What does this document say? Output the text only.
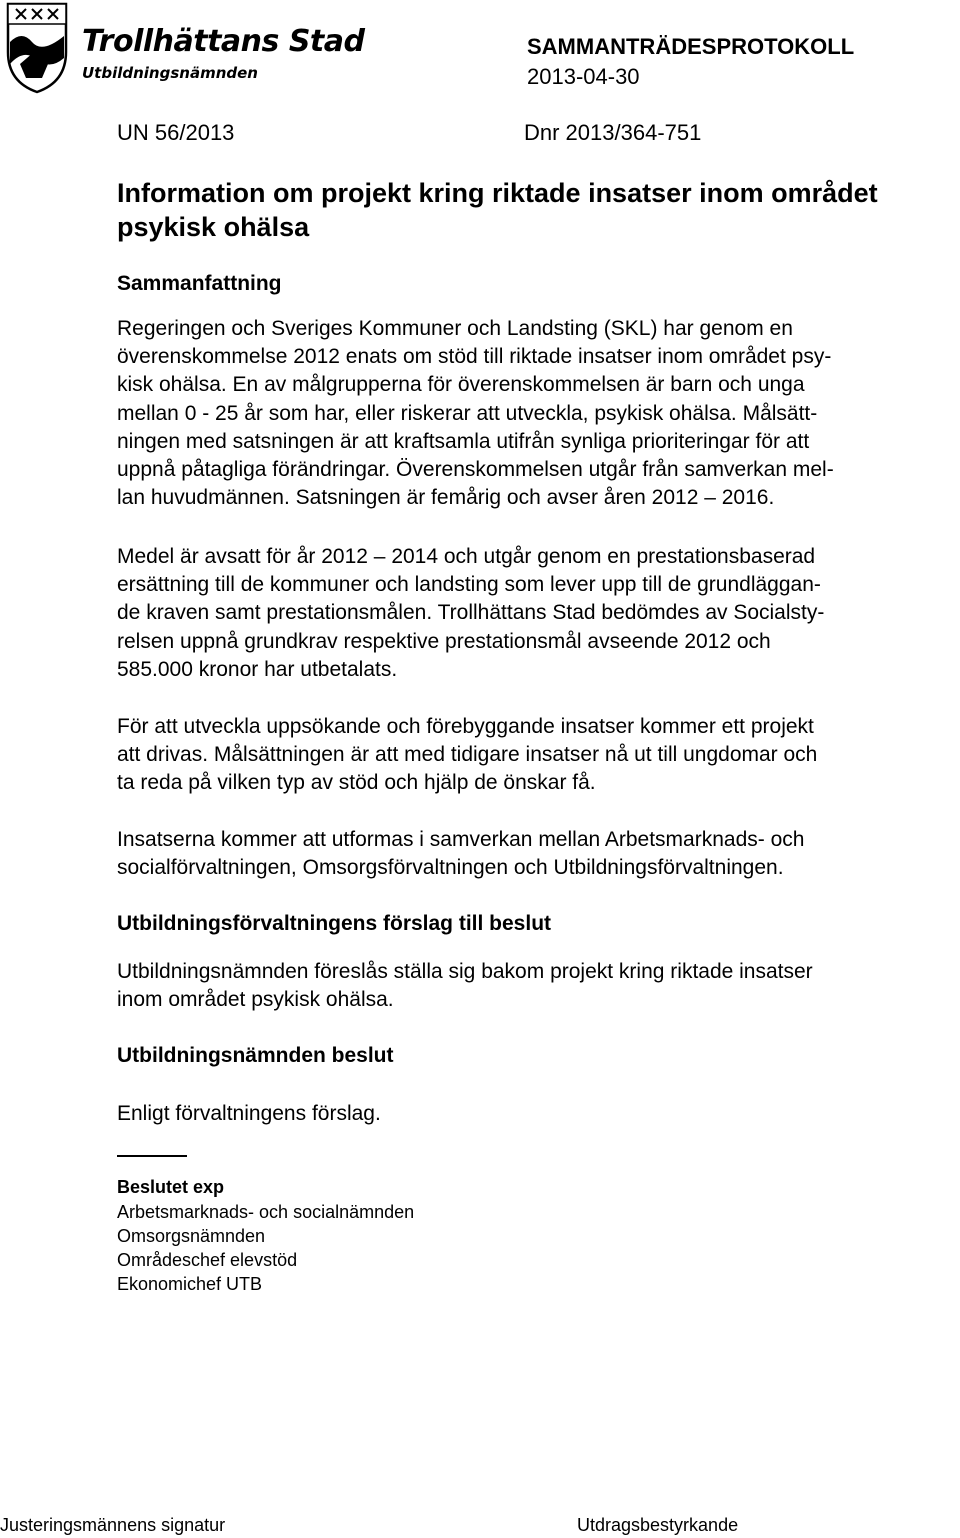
Trollhättans Stad
Utbildningsnämnden
SAMMANTRÄDESPROTOKOLL
2013-04-30
UN 56/2013	Dnr 2013/364-751
Information om projekt kring riktade insatser inom området
psykisk ohälsa
Sammanfattning
Regeringen och Sveriges Kommuner och Landsting (SKL) har genom en
överenskommelse 2012 enats om stöd till riktade insatser inom området psy-
kisk ohälsa. En av målgrupperna för överenskommelsen är barn och unga
mellan 0 - 25 år som har, eller riskerar att utveckla, psykisk ohälsa. Målsätt-
ningen med satsningen är att kraftsamla utifrån synliga prioriteringar för att
uppnå påtagliga förändringar. Överenskommelsen utgår från samverkan mel-
lan huvudmännen. Satsningen är femårig och avser åren 2012 – 2016.
Medel är avsatt för år 2012 – 2014 och utgår genom en prestationsbaserad
ersättning till de kommuner och landsting som lever upp till de grundläggan-
de kraven samt prestationsmålen. Trollhättans Stad bedömdes av Socialsty-
relsen uppnå grundkrav respektive prestationsmål avseende 2012 och
585.000 kronor har utbetalats.
För att utveckla uppsökande och förebyggande insatser kommer ett projekt
att drivas. Målsättningen är att med tidigare insatser nå ut till ungdomar och
ta reda på vilken typ av stöd och hjälp de önskar få.
Insatserna kommer att utformas i samverkan mellan Arbetsmarknads- och
socialförvaltningen, Omsorgsförvaltningen och Utbildningsförvaltningen.
Utbildningsförvaltningens förslag till beslut
Utbildningsnämnden föreslås ställa sig bakom projekt kring riktade insatser
inom området psykisk ohälsa.
Utbildningsnämnden beslut
Enligt förvaltningens förslag.
Beslutet exp
Arbetsmarknads- och socialnämnden
Omsorgsnämnden
Områdeschef elevstöd
Ekonomichef UTB
Justeringsmännens signatur	Utdragsbestyrkande
